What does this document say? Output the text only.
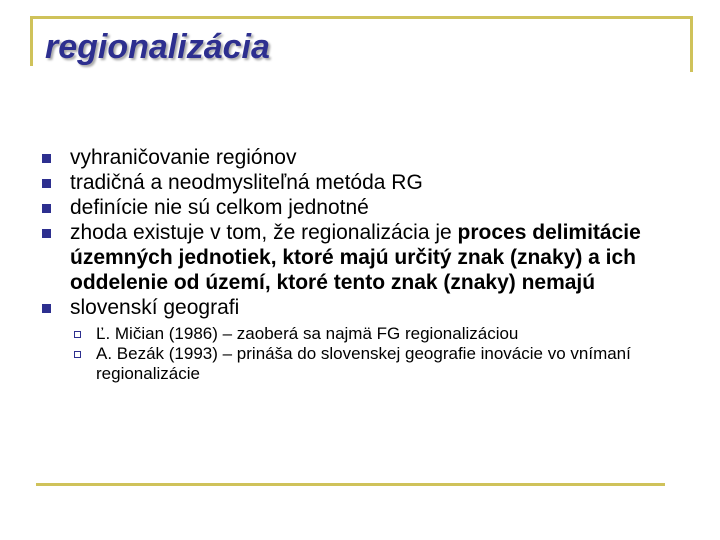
regionalizácia
vyhraničovanie regiónov
tradičná a neodmysliteľná metóda RG
definície nie sú celkom jednotné
zhoda existuje v tom, že regionalizácia je proces delimitácie územných jednotiek, ktoré majú určitý znak (znaky) a ich oddelenie od území, ktoré tento znak (znaky) nemajú
slovenskí geografi
Ľ. Mičian (1986) – zaoberá sa najmä FG regionalizáciou
A. Bezák (1993) – prináša do slovenskej geografie inovácie vo vnímaní regionalizácie
